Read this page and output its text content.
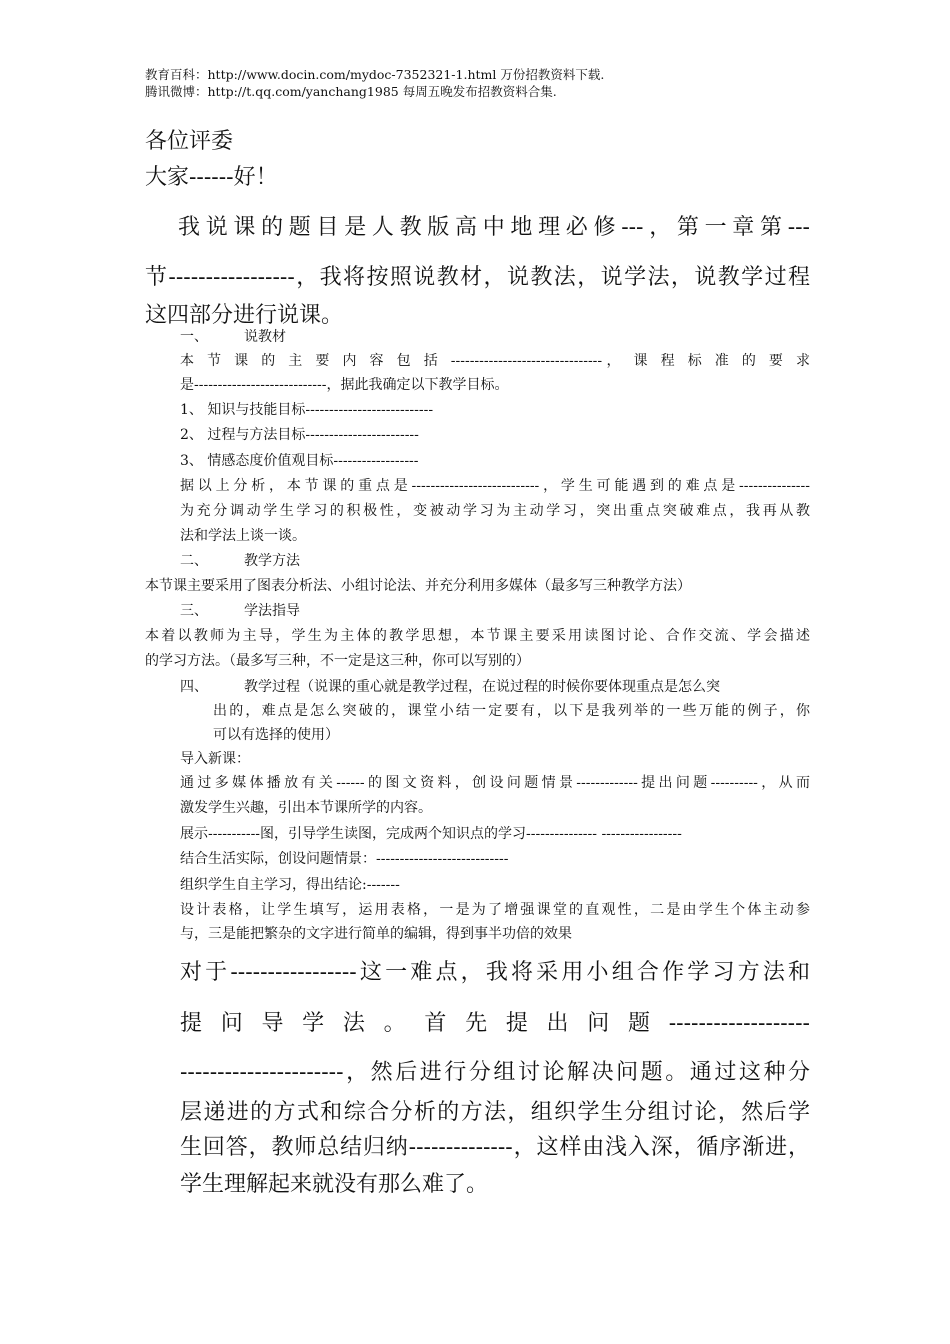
教育百科：http://www.docin.com/mydoc-7352321-1.html 万份招教资料下载.
腾讯微博：http://t.qq.com/yanchang1985 每周五晚发布招教资料合集.
各位评委
大家------好！
我说课的题目是人教版高中地理必修---，第一章第---
节-----------------，我将按照说教材，说教法，说学法，说教学过程
这四部分进行说课。
一、	说教材
本 节 课 的 主 要 内 容 包 括 --------------------------------， 课 程 标 准 的 要 求
是----------------------------，据此我确定以下教学目标。
1、 知识与技能目标---------------------------
2、 过程与方法目标------------------------
3、 情感态度价值观目标------------------
据以上分析，本节课的重点是---------------------------，学生可能遇到的难点是---------------
为充分调动学生学习的积极性，变被动学习为主动学习，突出重点突破难点，我再从教
法和学法上谈一谈。
二、	教学方法
本节课主要采用了图表分析法、小组讨论法、并充分利用多媒体（最多写三种教学方法）
三、	学法指导
本着以教师为主导，学生为主体的教学思想，本节课主要采用读图讨论、合作交流、学会描述
的学习方法。（最多写三种，不一定是这三种，你可以写别的）
四、	教学过程（说课的重心就是教学过程，在说过程的时候你要体现重点是怎么突
出的，难点是怎么突破的，课堂小结一定要有，以下是我列举的一些万能的例子，你
可以有选择的使用）
导入新课：
通过多媒体播放有关------的图文资料，创设问题情景-------------提出问题----------，从而
激发学生兴趣，引出本节课所学的内容。
展示-----------图，引导学生读图，完成两个知识点的学习--------------- -----------------
结合生活实际，创设问题情景：----------------------------
组织学生自主学习，得出结论:-------
设计表格，让学生填写，运用表格，一是为了增强课堂的直观性，二是由学生个体主动参
与，三是能把繁杂的文字进行简单的编辑，得到事半功倍的效果
对于-----------------这一难点，我将采用小组合作学习方法和
提 问 导 学 法 。 首 先 提 出 问 题 -------------------
----------------------，然后进行分组讨论解决问题。通过这种分
层递进的方式和综合分析的方法，组织学生分组讨论，然后学
生回答，教师总结归纳--------------，这样由浅入深，循序渐进，
学生理解起来就没有那么难了。
